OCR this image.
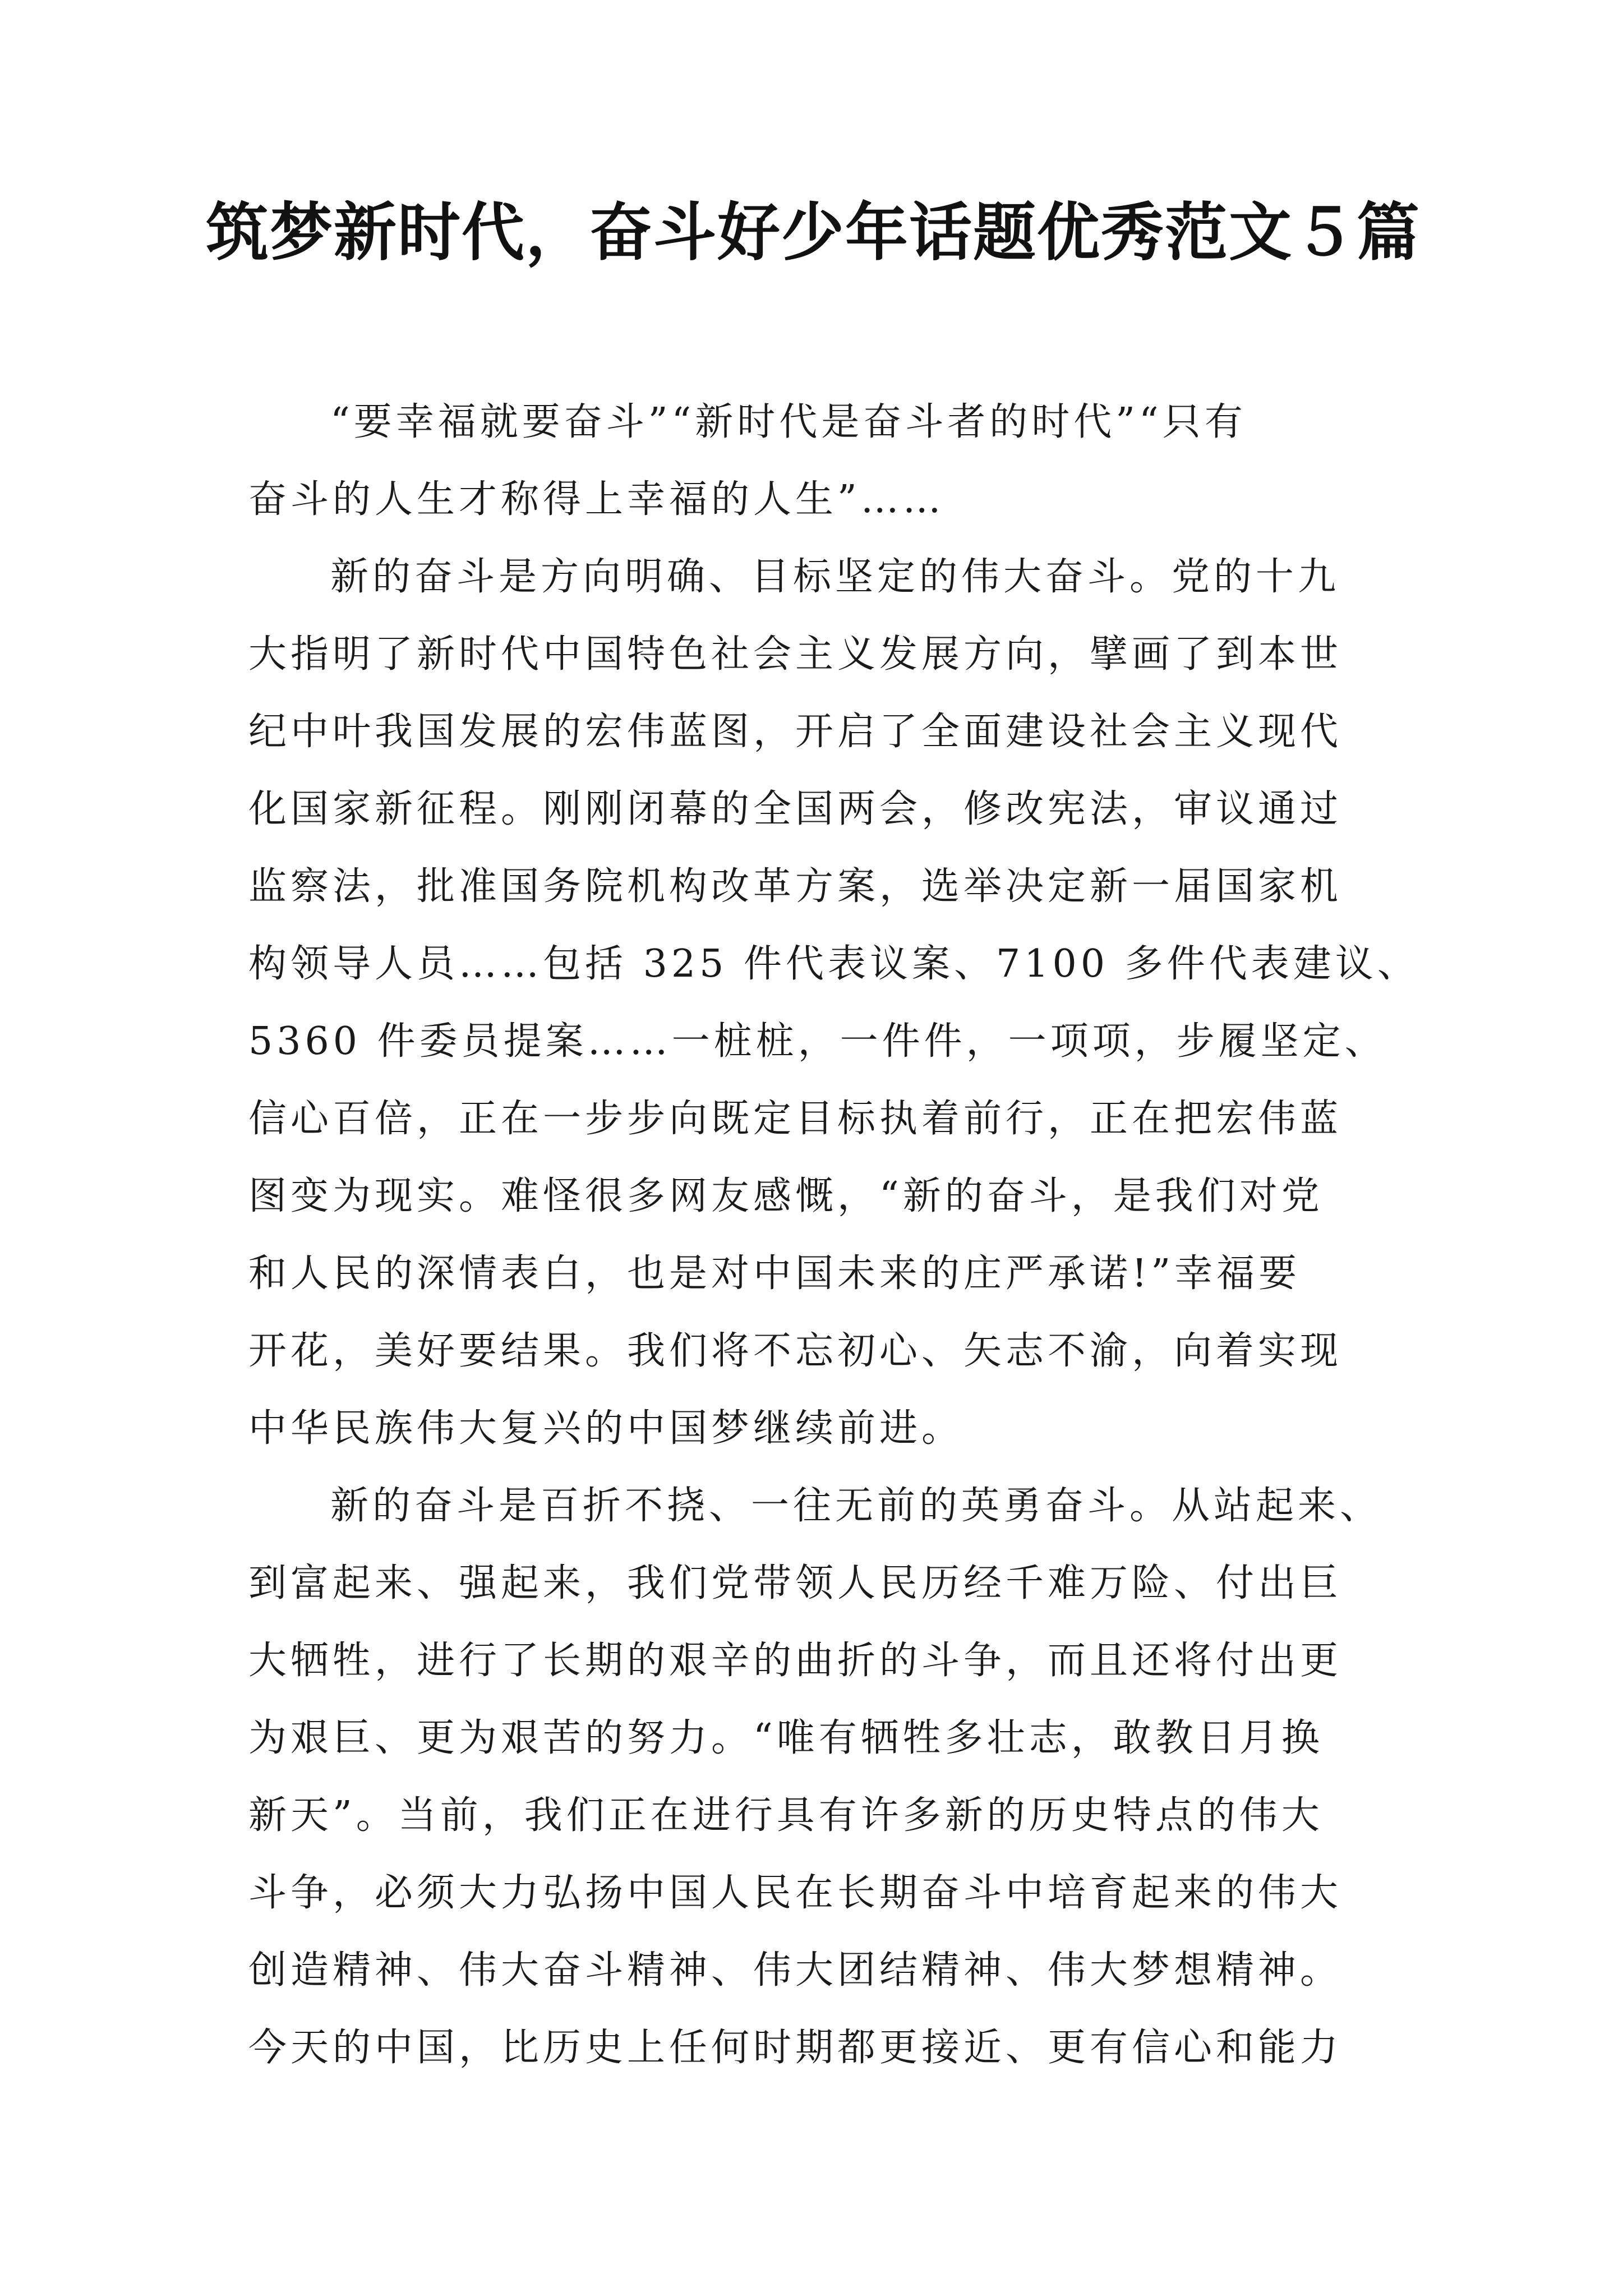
筑梦新时代，奋斗好少年话题优秀范文５篇
“要幸福就要奋斗”“新时代是奋斗者的时代”“只有
奋斗的人生才称得上幸福的人生”……
新的奋斗是方向明确、目标坚定的伟大奋斗。党的十九
大指明了新时代中国特色社会主义发展方向，擘画了到本世
纪中叶我国发展的宏伟蓝图，开启了全面建设社会主义现代
化国家新征程。刚刚闭幕的全国两会，修改宪法，审议通过
监察法，批准国务院机构改革方案，选举决定新一届国家机
构领导人员……包括 325 件代表议案、7100 多件代表建议、
5360 件委员提案……一桩桩，一件件，一项项，步履坚定、
信心百倍，正在一步步向既定目标执着前行，正在把宏伟蓝
图变为现实。难怪很多网友感慨，“新的奋斗，是我们对党
和人民的深情表白，也是对中国未来的庄严承诺!”幸福要
开花，美好要结果。我们将不忘初心、矢志不渝，向着实现
中华民族伟大复兴的中国梦继续前进。
新的奋斗是百折不挠、一往无前的英勇奋斗。从站起来、
到富起来、强起来，我们党带领人民历经千难万险、付出巨
大牺牲，进行了长期的艰辛的曲折的斗争，而且还将付出更
为艰巨、更为艰苦的努力。“唯有牺牲多壮志，敢教日月换
新天”。当前，我们正在进行具有许多新的历史特点的伟大
斗争，必须大力弘扬中国人民在长期奋斗中培育起来的伟大
创造精神、伟大奋斗精神、伟大团结精神、伟大梦想精神。
今天的中国，比历史上任何时期都更接近、更有信心和能力
